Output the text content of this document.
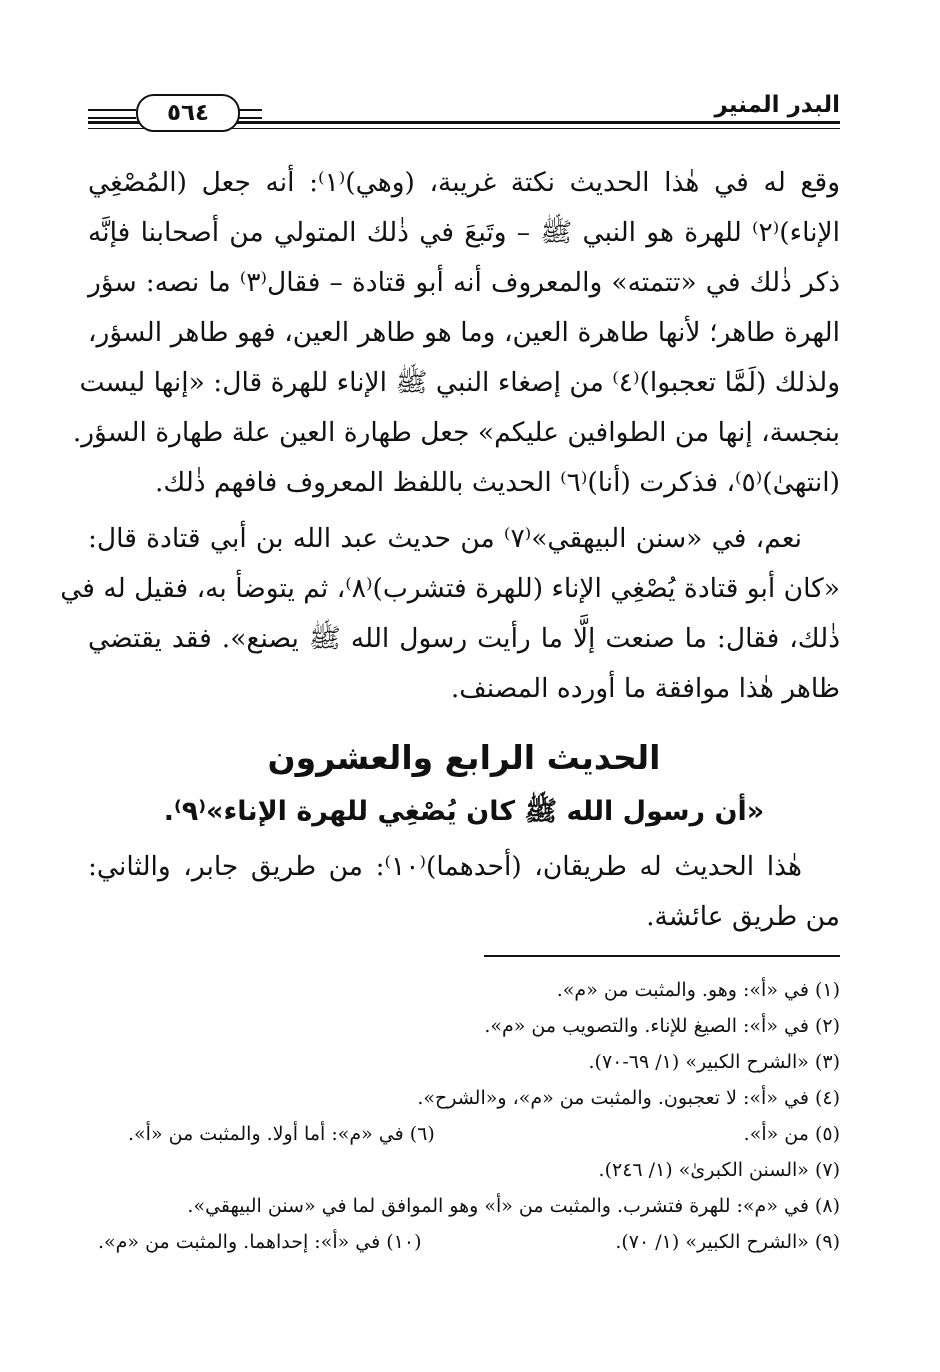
٥٦٤	البدر المنير
وقع له في هٰذا الحديث نكتة غريبة، (وهي)⁽١⁾: أنه جعل (المُصْغِي
الإناء)⁽٢⁾ للهرة هو النبي ﷺ – وتَبعَ في ذٰلك المتولي من أصحابنا فإنَّه
ذكر ذٰلك في «تتمته» والمعروف أنه أبو قتادة – فقال⁽٣⁾ ما نصه: سؤر
الهرة طاهر؛ لأنها طاهرة العين، وما هو طاهر العين، فهو طاهر السؤر،
ولذلك (لَمَّا تعجبوا)⁽٤⁾ من إصغاء النبي ﷺ الإناء للهرة قال: «إنها ليست
بنجسة، إنها من الطوافين عليكم» جعل طهارة العين علة طهارة السؤر.
(انتهىٰ)⁽٥⁾، فذكرت (أنا)⁽٦⁾ الحديث باللفظ المعروف فافهم ذٰلك.
نعم، في «سنن البيهقي»⁽٧⁾ من حديث عبد الله بن أبي قتادة قال:
«كان أبو قتادة يُصْغِي الإناء (للهرة فتشرب)⁽٨⁾، ثم يتوضأ به، فقيل له في
ذٰلك، فقال: ما صنعت إلَّا ما رأيت رسول الله ﷺ يصنع». فقد يقتضي
ظاهر هٰذا موافقة ما أورده المصنف.
الحديث الرابع والعشرون
«أن رسول الله ﷺ كان يُصْغِي للهرة الإناء»⁽٩⁾.
هٰذا الحديث له طريقان، (أحدهما)⁽١٠⁾: من طريق جابر، والثاني:
من طريق عائشة.
(١) في «أ»: وهو. والمثبت من «م».
(٢) في «أ»: الصيغ للإناء. والتصويب من «م».
(٣) «الشرح الكبير» (١/ ٦٩-٧٠).
(٤) في «أ»: لا تعجبون. والمثبت من «م»، و«الشرح».
(٥) من «أ».
(٦) في «م»: أما أولا. والمثبت من «أ».
(٧) «السنن الكبرىٰ» (١/ ٢٤٦).
(٨) في «م»: للهرة فتشرب. والمثبت من «أ» وهو الموافق لما في «سنن البيهقي».
(٩) «الشرح الكبير» (١/ ٧٠).
(١٠) في «أ»: إحداهما. والمثبت من «م».
